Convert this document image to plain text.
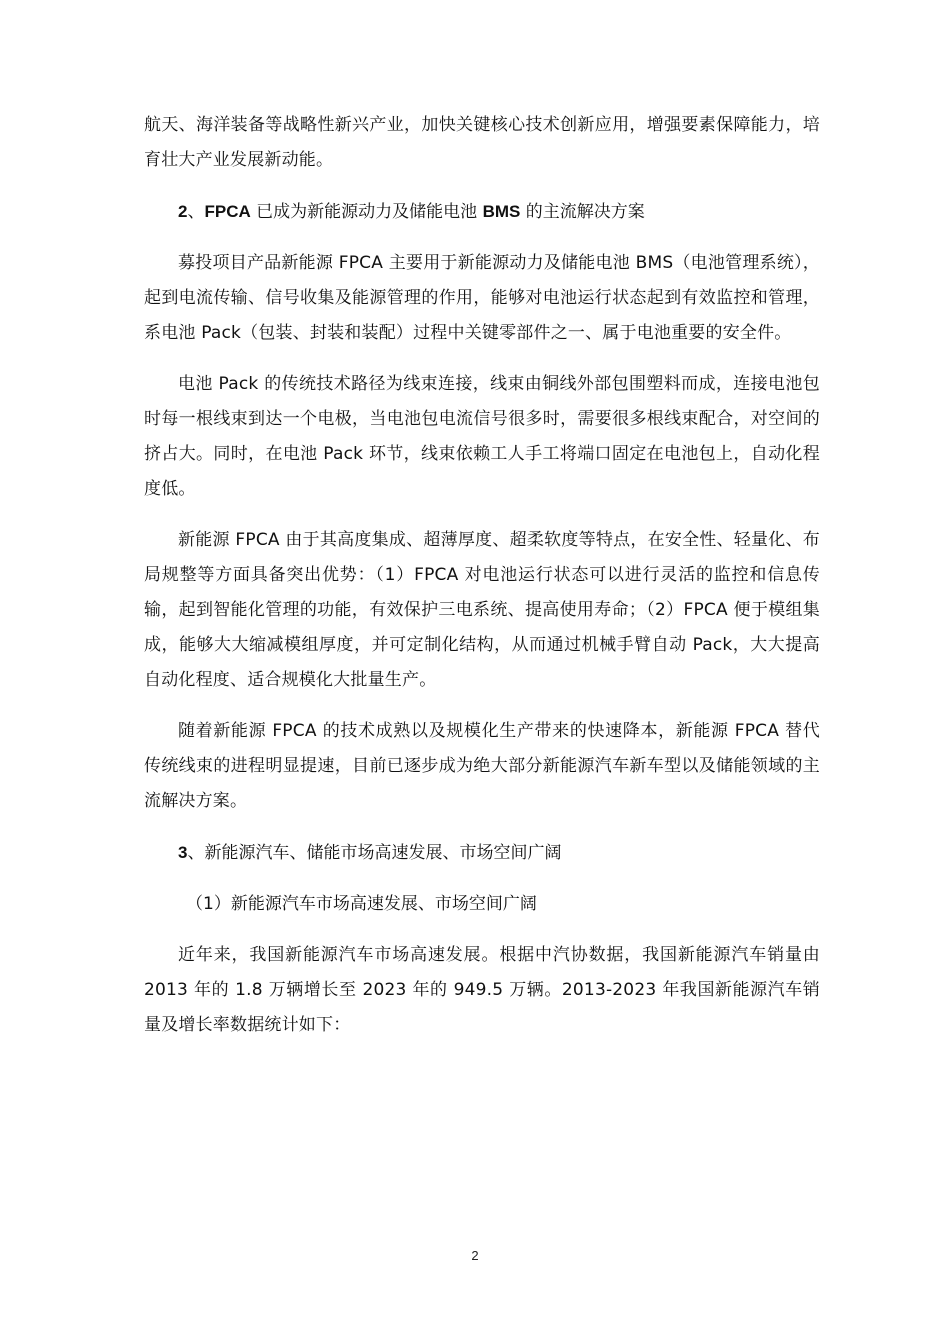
航天、海洋装备等战略性新兴产业，加快关键核心技术创新应用，增强要素保障能力，培育壮大产业发展新动能。

2、FPCA 已成为新能源动力及储能电池 BMS 的主流解决方案

募投项目产品新能源 FPCA 主要用于新能源动力及储能电池 BMS（电池管理系统），起到电流传输、信号收集及能源管理的作用，能够对电池运行状态起到有效监控和管理，系电池 Pack（包装、封装和装配）过程中关键零部件之一、属于电池重要的安全件。

电池 Pack 的传统技术路径为线束连接，线束由铜线外部包围塑料而成，连接电池包时每一根线束到达一个电极，当电池包电流信号很多时，需要很多根线束配合，对空间的挤占大。同时，在电池 Pack 环节，线束依赖工人手工将端口固定在电池包上，自动化程度低。

新能源 FPCA 由于其高度集成、超薄厚度、超柔软度等特点，在安全性、轻量化、布局规整等方面具备突出优势：（1）FPCA 对电池运行状态可以进行灵活的监控和信息传输，起到智能化管理的功能，有效保护三电系统、提高使用寿命；（2）FPCA 便于模组集成，能够大大缩减模组厚度，并可定制化结构，从而通过机械手臂自动 Pack，大大提高自动化程度、适合规模化大批量生产。

随着新能源 FPCA 的技术成熟以及规模化生产带来的快速降本，新能源 FPCA 替代传统线束的进程明显提速，目前已逐步成为绝大部分新能源汽车新车型以及储能领域的主流解决方案。

3、新能源汽车、储能市场高速发展、市场空间广阔

（1）新能源汽车市场高速发展、市场空间广阔

近年来，我国新能源汽车市场高速发展。根据中汽协数据，我国新能源汽车销量由 2013 年的 1.8 万辆增长至 2023 年的 949.5 万辆。2013-2023 年我国新能源汽车销量及增长率数据统计如下：

2
